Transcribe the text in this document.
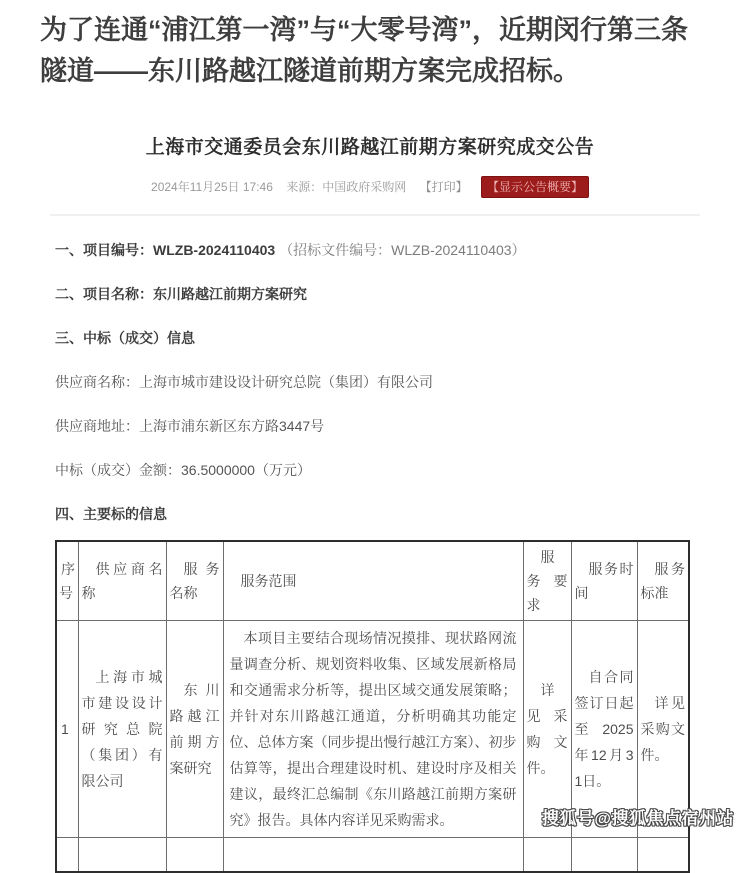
为了连通“浦江第一湾”与“大零号湾”，近期闵行第三条
隧道——东川路越江隧道前期方案完成招标。

上海市交通委员会东川路越江前期方案研究成交公告
2024年11月25日 17:46 来源：中国政府采购网 【打印】 【显示公告概要】

一、项目编号：WLZB-2024110403 （招标文件编号：WLZB-2024110403）

二、项目名称：东川路越江前期方案研究

三、中标（成交）信息

供应商名称：上海市城市建设设计研究总院（集团）有限公司

供应商地址：上海市浦东新区东方路3447号

中标（成交）金额：36.5000000（万元）

四、主要标的信息

序号	供应商名称	服务名称	服务范围	服务要求	服务时间	服务标准
1	上海市城市建设设计研究总院（集团）有限公司	东川路越江前期方案研究	本项目主要结合现场情况摸排、现状路网流量调查分析、规划资料收集、区域发展新格局和交通需求分析等，提出区域交通发展策略；并针对东川路越江通道，分析明确其功能定位、总体方案（同步提出慢行越江方案）、初步估算等，提出合理建设时机、建设时序及相关建议，最终汇总编制《东川路越江前期方案研究》报告。具体内容详见采购需求。	详见采购文件。	自合同签订日起至2025年12月31日。	详见采购文件。

搜狐号@搜狐焦点宿州站
